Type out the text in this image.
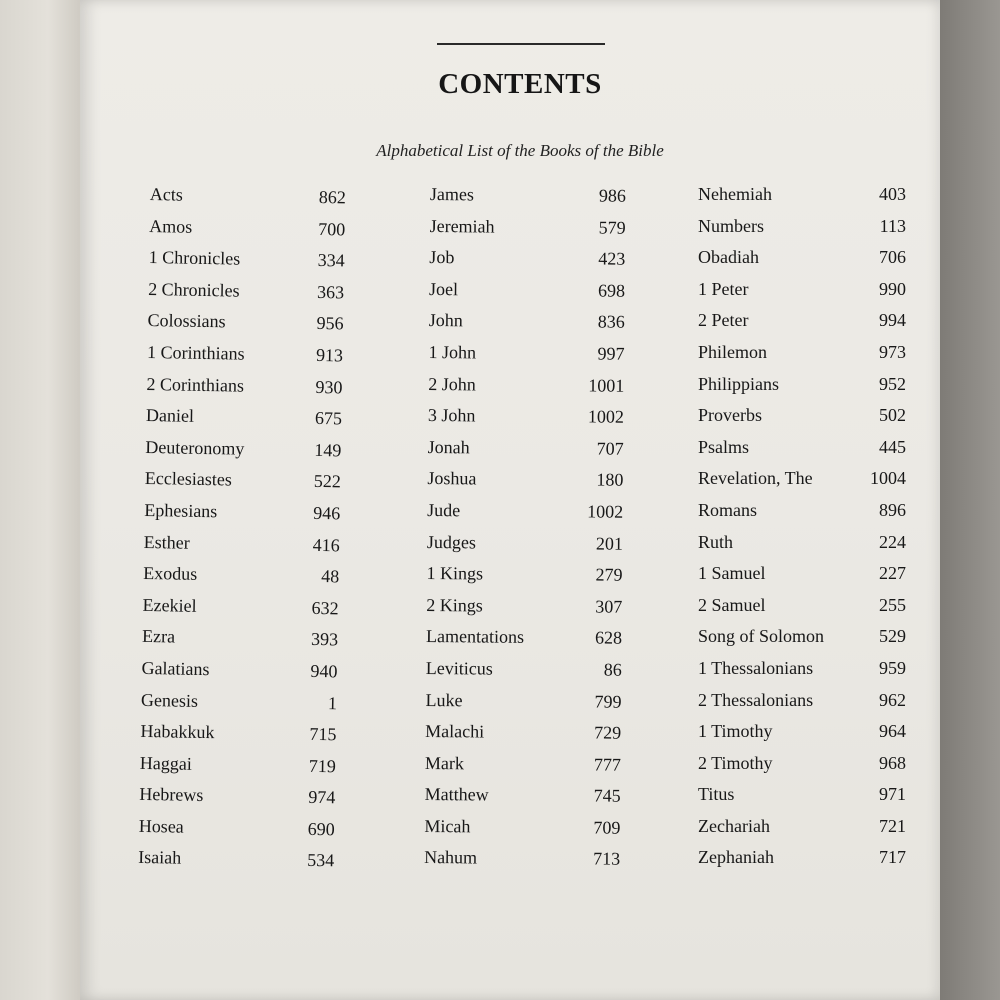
CONTENTS
Alphabetical List of the Books of the Bible
Acts	862
Amos	700
1 Chronicles	334
2 Chronicles	363
Colossians	956
1 Corinthians	913
2 Corinthians	930
Daniel	675
Deuteronomy	149
Ecclesiastes	522
Ephesians	946
Esther	416
Exodus	48
Ezekiel	632
Ezra	393
Galatians	940
Genesis	1
Habakkuk	715
Haggai	719
Hebrews	974
Hosea	690
Isaiah	534
James	986
Jeremiah	579
Job	423
Joel	698
John	836
1 John	997
2 John	1001
3 John	1002
Jonah	707
Joshua	180
Jude	1002
Judges	201
1 Kings	279
2 Kings	307
Lamentations	628
Leviticus	86
Luke	799
Malachi	729
Mark	777
Matthew	745
Micah	709
Nahum	713
Nehemiah	403
Numbers	113
Obadiah	706
1 Peter	990
2 Peter	994
Philemon	973
Philippians	952
Proverbs	502
Psalms	445
Revelation, The	1004
Romans	896
Ruth	224
1 Samuel	227
2 Samuel	255
Song of Solomon	529
1 Thessalonians	959
2 Thessalonians	962
1 Timothy	964
2 Timothy	968
Titus	971
Zechariah	721
Zephaniah	717
